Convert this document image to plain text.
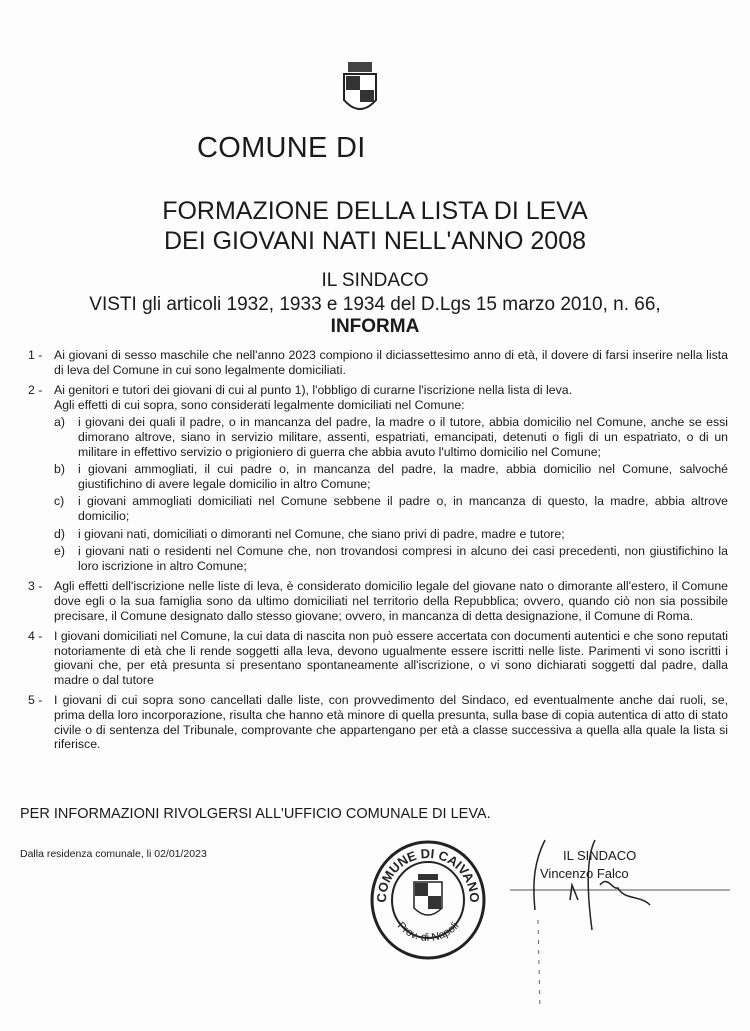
COMUNE DI
FORMAZIONE DELLA LISTA DI LEVA
DEI GIOVANI NATI NELL'ANNO 2008
IL SINDACO
VISTI gli articoli 1932, 1933 e 1934 del D.Lgs 15 marzo 2010, n. 66,
INFORMA
1 - Ai giovani di sesso maschile che nell'anno 2023 compiono il diciassettesimo anno di età, il dovere di farsi inserire nella lista di leva del Comune in cui sono legalmente domiciliati.
2 - Ai genitori e tutori dei giovani di cui al punto 1), l'obbligo di curarne l'iscrizione nella lista di leva.
Agli effetti di cui sopra, sono considerati legalmente domiciliati nel Comune:
a)	i giovani dei quali il padre, o in mancanza del padre, la madre o il tutore, abbia domicilio nel Comune, anche se essi dimorano altrove, siano in servizio militare, assenti, espatriati, emancipati, detenuti o figli di un espatriato, o di un militare in effettivo servizio o prigioniero di guerra che abbia avuto l'ultimo domicilio nel Comune;
b)	i giovani ammogliati, il cui padre o, in mancanza del padre, la madre, abbia domicilio nel Comune, salvoché giustifichino di avere legale domicilio in altro Comune;
c)	i giovani ammogliati domiciliati nel Comune sebbene il padre o, in mancanza di questo, la madre, abbia altrove domicilio;
d)	i giovani nati, domiciliati o dimoranti nel Comune, che siano privi di padre, madre e tutore;
e)	i giovani nati o residenti nel Comune che, non trovandosi compresi in alcuno dei casi precedenti, non giustifichino la loro iscrizione in altro Comune;
3 - Agli effetti dell'iscrizione nelle liste di leva, è considerato domicilio legale del giovane nato o dimorante all'estero, il Comune dove egli o la sua famiglia sono da ultimo domiciliati nel territorio della Repubblica; ovvero, quando ciò non sia possibile precisare, il Comune designato dallo stesso giovane; ovvero, in mancanza di detta designazione, il Comune di Roma.
4 - I giovani domiciliati nel Comune, la cui data di nascita non può essere accertata con documenti autentici e che sono reputati notoriamente di età che li rende soggetti alla leva, devono ugualmente essere iscritti nelle liste. Parimenti vi sono iscritti i giovani che, per età presunta si presentano spontaneamente all'iscrizione, o vi sono dichiarati soggetti dal padre, dalla madre o dal tutore
5 - I giovani di cui sopra sono cancellati dalle liste, con provvedimento del Sindaco, ed eventualmente anche dai ruoli, se, prima della loro incorporazione, risulta che hanno età minore di quella presunta, sulla base di copia autentica di atto di stato civile o di sentenza del Tribunale, comprovante che appartengano per età a classe successiva a quella alla quale la lista si riferisce.
PER INFORMAZIONI RIVOLGERSI ALL'UFFICIO COMUNALE DI LEVA.
Dalla residenza comunale, li 02/01/2023
COMUNE DI CAIVANO
Prov. di Napoli
IL SINDACO
Vincenzo Falco
